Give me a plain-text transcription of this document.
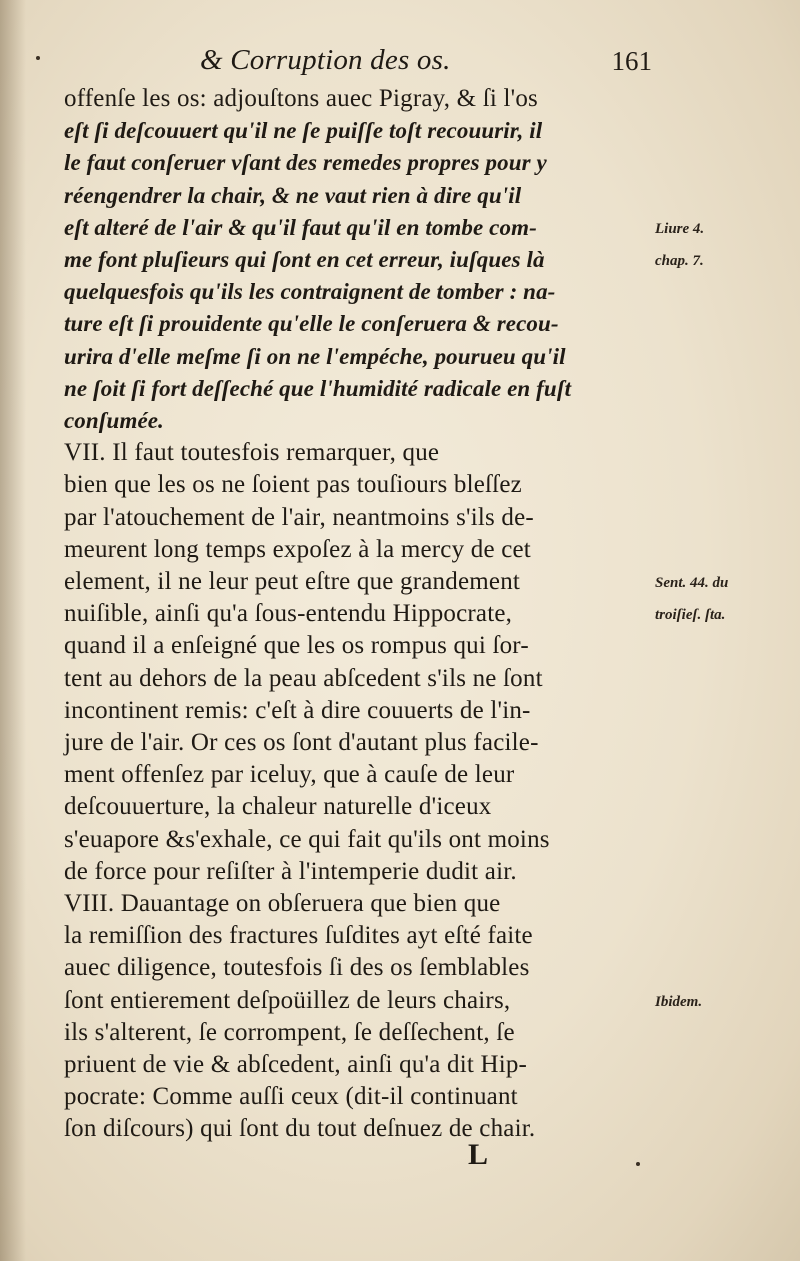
& Corruption des os.	161
offenſe les os: adjouſtons auec Pigray, & ſi l'os
eſt ſi deſcouuert qu'il ne ſe puiſſe toſt recouurir, il
le faut conſeruer vſant des remedes propres pour y
réengendrer la chair, & ne vaut rien à dire qu'il
eſt alteré de l'air & qu'il faut qu'il en tombe com-
me font pluſieurs qui ſont en cet erreur, iuſques là
quelquesfois qu'ils les contraignent de tomber : na-
ture eſt ſi prouidente qu'elle le conſeruera & recou-
urira d'elle meſme ſi on ne l'empéche, pourueu qu'il
ne ſoit ſi fort deſſeché que l'humidité radicale en fuſt
conſumée.
VII. Il faut toutesfois remarquer, que
bien que les os ne ſoient pas touſiours bleſſez
par l'atouchement de l'air, neantmoins s'ils de-
meurent long temps expoſez à la mercy de cet
element, il ne leur peut eſtre que grandement
nuiſible, ainſi qu'a ſous-entendu Hippocrate,
quand il a enſeigné que les os rompus qui ſor-
tent au dehors de la peau abſcedent s'ils ne ſont
incontinent remis: c'eſt à dire couuerts de l'in-
jure de l'air. Or ces os ſont d'autant plus facile-
ment offenſez par iceluy, que à cauſe de leur
deſcouuerture, la chaleur naturelle d'iceux
s'euapore &s'exhale, ce qui fait qu'ils ont moins
de force pour reſiſter à l'intemperie dudit air.
VIII. Dauantage on obſeruera que bien que
la remiſſion des fractures ſuſdites ayt eſté faite
auec diligence, toutesfois ſi des os ſemblables
ſont entierement deſpoüillez de leurs chairs,
ils s'alterent, ſe corrompent, ſe deſſechent, ſe
priuent de vie & abſcedent, ainſi qu'a dit Hip-
pocrate: Comme auſſi ceux (dit-il continuant
ſon diſcours) qui ſont du tout deſnuez de chair.
Liure 4.
chap. 7.
Sent. 44. du
troiſieſ. ſta.
Ibidem.
L
